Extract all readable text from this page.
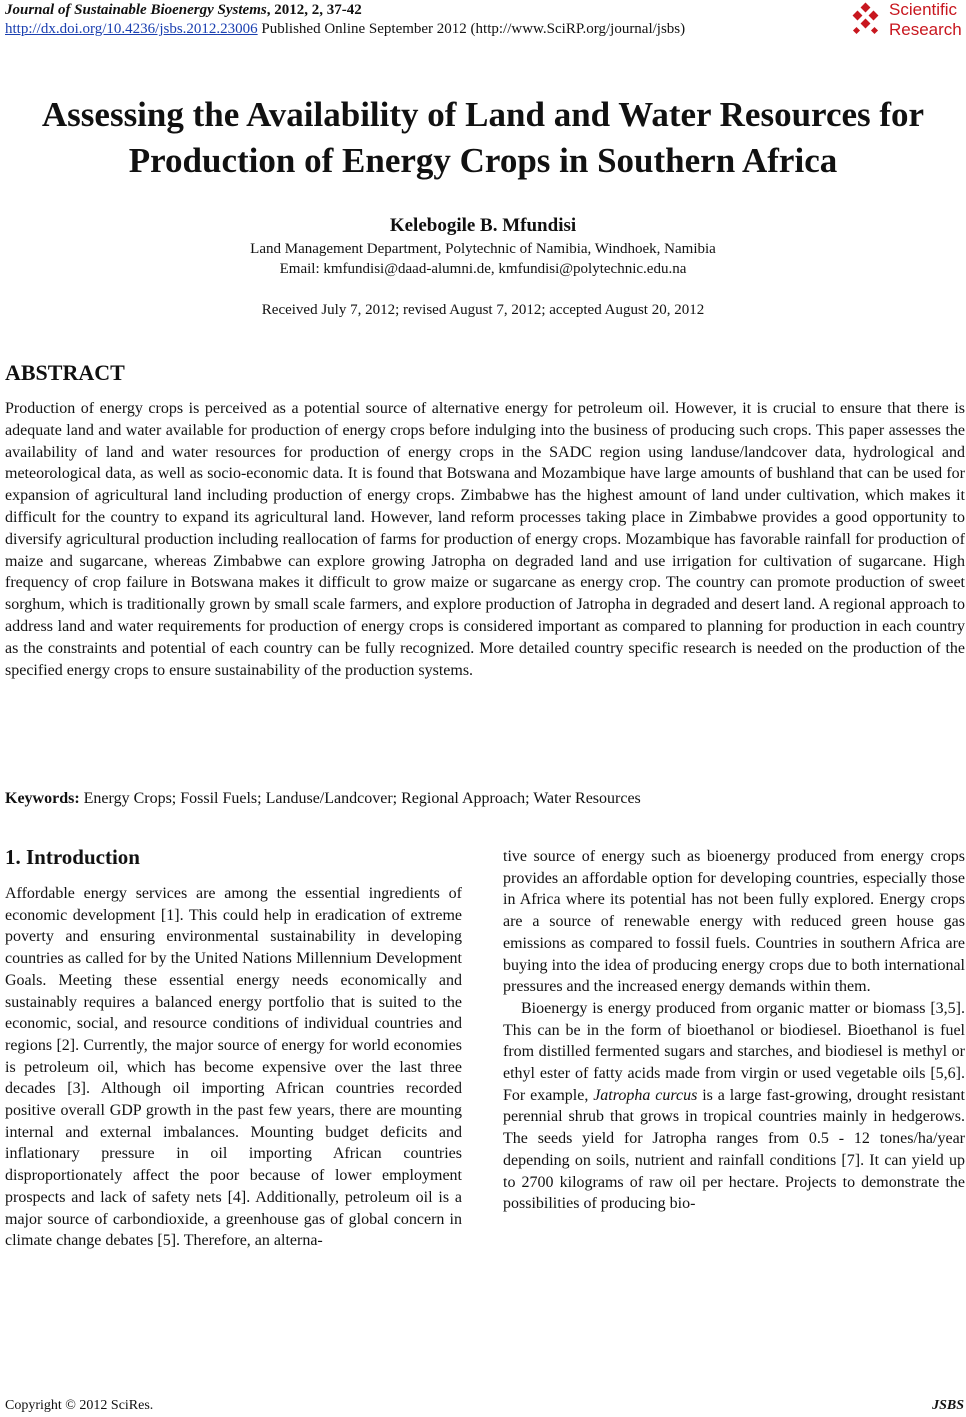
Journal of Sustainable Bioenergy Systems, 2012, 2, 37-42
http://dx.doi.org/10.4236/jsbs.2012.23006 Published Online September 2012 (http://www.SciRP.org/journal/jsbs)
Scientific
Research
Assessing the Availability of Land and Water Resources for
Production of Energy Crops in Southern Africa
Kelebogile B. Mfundisi
Land Management Department, Polytechnic of Namibia, Windhoek, Namibia
Email: kmfundisi@daad-alumni.de, kmfundisi@polytechnic.edu.na
Received July 7, 2012; revised August 7, 2012; accepted August 20, 2012
ABSTRACT
Production of energy crops is perceived as a potential source of alternative energy for petroleum oil. However, it is crucial to ensure that there is adequate land and water available for production of energy crops before indulging into the business of producing such crops. This paper assesses the availability of land and water resources for production of energy crops in the SADC region using landuse/landcover data, hydrological and meteorological data, as well as socio-economic data. It is found that Botswana and Mozambique have large amounts of bushland that can be used for expansion of agricultural land including production of energy crops. Zimbabwe has the highest amount of land under cultivation, which makes it difficult for the country to expand its agricultural land. However, land reform processes taking place in Zimbabwe provides a good opportunity to diversify agricultural production including reallocation of farms for production of energy crops. Mozambique has favorable rainfall for production of maize and sugarcane, whereas Zimbabwe can explore growing Jatropha on degraded land and use irrigation for cultivation of sugarcane. High frequency of crop failure in Botswana makes it difficult to grow maize or sugarcane as energy crop. The country can promote production of sweet sorghum, which is traditionally grown by small scale farmers, and explore production of Jatropha in degraded and desert land. A regional approach to address land and water requirements for production of energy crops is considered important as compared to planning for production in each country as the constraints and potential of each country can be fully recognized. More detailed country specific research is needed on the production of the specified energy crops to ensure sustainability of the production systems.
Keywords: Energy Crops; Fossil Fuels; Landuse/Landcover; Regional Approach; Water Resources
1. Introduction

Affordable energy services are among the essential ingredients of economic development [1]. This could help in eradication of extreme poverty and ensuring environmental sustainability in developing countries as called for by the United Nations Millennium Development Goals. Meeting these essential energy needs economically and sustainably requires a balanced energy portfolio that is suited to the economic, social, and resource conditions of individual countries and regions [2]. Currently, the major source of energy for world economies is petroleum oil, which has become expensive over the last three decades [3]. Although oil importing African countries recorded positive overall GDP growth in the past few years, there are mounting internal and external imbalances. Mounting budget deficits and inflationary pressure in oil importing African countries disproportionately affect the poor because of lower employment prospects and lack of safety nets [4]. Additionally, petroleum oil is a major source of carbondioxide, a greenhouse gas of global concern in climate change debates [5]. Therefore, an alterna-

tive source of energy such as bioenergy produced from energy crops provides an affordable option for developing countries, especially those in Africa where its potential has not been fully explored. Energy crops are a source of renewable energy with reduced green house gas emissions as compared to fossil fuels. Countries in southern Africa are buying into the idea of producing energy crops due to both international pressures and the increased energy demands within them.

Bioenergy is energy produced from organic matter or biomass [3,5]. This can be in the form of bioethanol or biodiesel. Bioethanol is fuel from distilled fermented sugars and starches, and biodiesel is methyl or ethyl ester of fatty acids made from virgin or used vegetable oils [5,6]. For example, Jatropha curcus is a large fast-growing, drought resistant perennial shrub that grows in tropical countries mainly in hedgerows. The seeds yield for Jatropha ranges from 0.5 - 12 tones/ha/year depending on soils, nutrient and rainfall conditions [7]. It can yield up to 2700 kilograms of raw oil per hectare. Projects to demonstrate the possibilities of producing bio-

Copyright © 2012 SciRes.	JSBS
